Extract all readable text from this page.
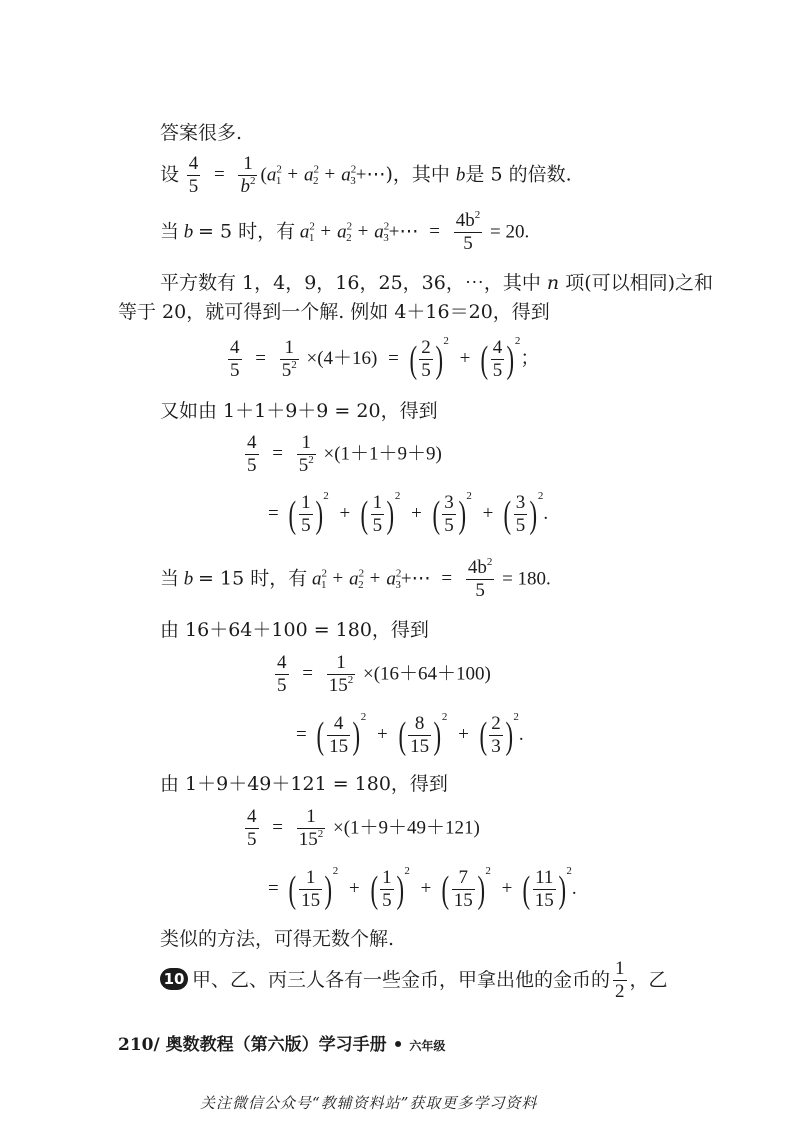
答案很多.
设 $\frac{4}{5} = \frac{1}{b^2} (a^2_1 + a^2_2$ + $a^2_3+\cdots$)，其中 b是 5 的倍数.
当 b = 5 时，有 $a^2_1 + a^2_2$ + $a^2_3+\cdots = \frac{4b^2}{5} = 20$.
平方数有 1，4，9，16，25，36，⋯，其中 n 项(可以相同)之和
等于 20，就可得到一个解. 例如 4＋16＝20，得到
$\frac{4}{5} = \frac{1}{5^2} \times(4+16)$ = ( $\frac{2}{5} )^2$ + ( $\frac{4}{5} )^2$；
又如由 1＋1＋9＋9 = 20，得到
$\frac{4}{5} = \frac{1}{5^2} \times(1+1+9+9)$
= ( $\frac{1}{5} )^2$ + ( $\frac{1}{5} )^2$ + ( $\frac{3}{5} )^2$ + ( $\frac{3}{5} )^2$.
当 b = 15 时，有 $a^2_1 + a^2_2$ + $a^2_3+\cdots = \frac{4b^2}{5} = 180$.
由 16＋64＋100 = 180，得到
$\frac{4}{5} = \frac{1}{15^2} \times(16+64+100)$
= ( $\frac{4}{15} )^2$ + ( $\frac{8}{15} )^2$ + ( $\frac{2}{3} )^2$.
由 1＋9＋49＋121 = 180，得到
$\frac{4}{5} = \frac{1}{15^2} \times(1+9+49+121)$
= ( $\frac{1}{15} )^2$ + ( $\frac{1}{5} )^2$ + ( $\frac{7}{15} )^2$ + ( $\frac{11}{15} )^2$.
类似的方法，可得无数个解.
10 甲、乙、丙三人各有一些金币，甲拿出他的金币的 $\frac{1}{2}$ ，乙
210/ 奥数教程（第六版）学习手册 • 六年级
关注微信公众号“教辅资料站”获取更多学习资料
